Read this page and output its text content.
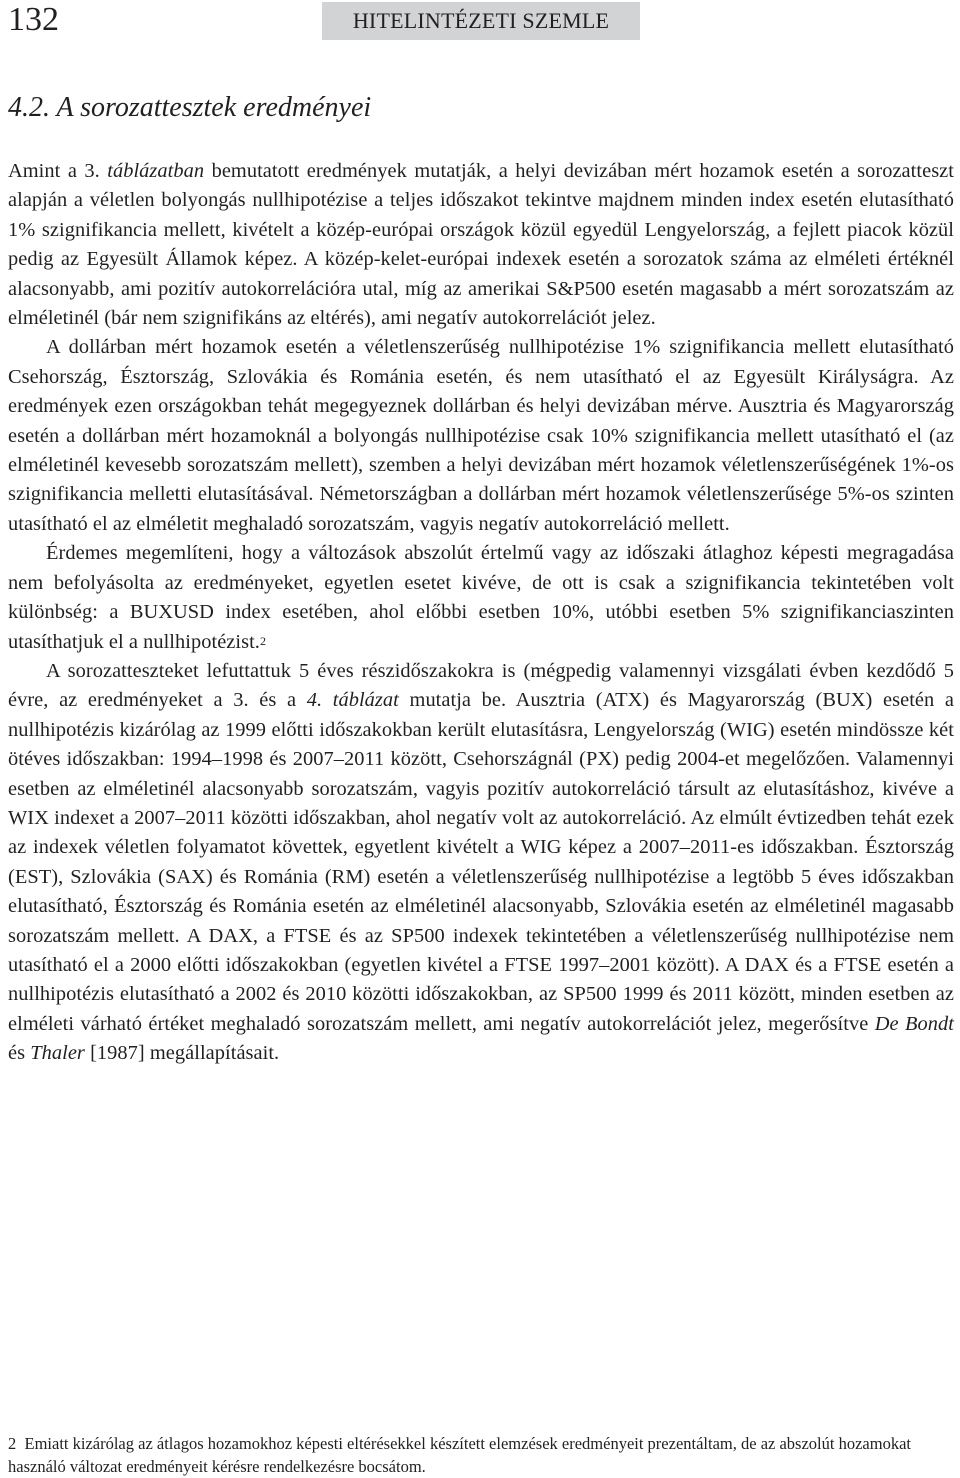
132	HITELINTÉZETI SZEMLE
4.2. A sorozattesztek eredményei

Amint a 3. táblázatban bemutatott eredmények mutatják, a helyi devizában mért hozamok esetén a sorozatteszt alapján a véletlen bolyongás nullhipotézise a teljes időszakot tekintve majdnem minden index esetén elutasítható 1% szignifikancia mellett, kivételt a közép-európai országok közül egyedül Lengyelország, a fejlett piacok közül pedig az Egyesült Államok képez. A közép-kelet-európai indexek esetén a sorozatok száma az elméleti értéknél alacsonyabb, ami pozitív autokorrelációra utal, míg az amerikai S&P500 esetén magasabb a mért sorozatszám az elméletinél (bár nem szignifikáns az eltérés), ami negatív autokorrelációt jelez.

A dollárban mért hozamok esetén a véletlenszerűség nullhipotézise 1% szignifikancia mellett elutasítható Csehország, Észtország, Szlovákia és Románia esetén, és nem utasítható el az Egyesült Királyságra. Az eredmények ezen országokban tehát megegyeznek dollárban és helyi devizában mérve. Ausztria és Magyarország esetén a dollárban mért hozamoknál a bolyongás nullhipotézise csak 10% szignifikancia mellett utasítható el (az elméletinél kevesebb sorozatszám mellett), szemben a helyi devizában mért hozamok véletlenszerűségének 1%-os szignifikancia melletti elutasításával. Németországban a dollárban mért hozamok véletlenszerűsége 5%-os szinten utasítható el az elméletit meghaladó sorozatszám, vagyis negatív autokorreláció mellett.

Érdemes megemlíteni, hogy a változások abszolút értelmű vagy az időszaki átlaghoz képesti megragadása nem befolyásolta az eredményeket, egyetlen esetet kivéve, de ott is csak a szignifikancia tekintetében volt különbség: a BUXUSD index esetében, ahol előbbi esetben 10%, utóbbi esetben 5% szignifikanciaszinten utasíthatjuk el a nullhipotézist.$^2$

A sorozatteszteket lefuttattuk 5 éves részidőszakokra is (mégpedig valamennyi vizsgálati évben kezdődő 5 évre, az eredményeket a 3. és a 4. táblázat mutatja be. Ausztria (ATX) és Magyarország (BUX) esetén a nullhipotézis kizárólag az 1999 előtti időszakokban került elutasításra, Lengyelország (WIG) esetén mindössze két ötéves időszakban: 1994–1998 és 2007–2011 között, Csehországnál (PX) pedig 2004-et megelőzően. Valamennyi esetben az elméletinél alacsonyabb sorozatszám, vagyis pozitív autokorreláció társult az elutasításhoz, kivéve a WIX indexet a 2007–2011 közötti időszakban, ahol negatív volt az autokorreláció. Az elmúlt évtizedben tehát ezek az indexek véletlen folyamatot követtek, egyetlent kivételt a WIG képez a 2007–2011-es időszakban. Észtország (EST), Szlovákia (SAX) és Románia (RM) esetén a véletlenszerűség nullhipotézise a legtöbb 5 éves időszakban elutasítható, Észtország és Románia esetén az elméletinél alacsonyabb, Szlovákia esetén az elméletinél magasabb sorozatszám mellett. A DAX, a FTSE és az SP500 indexek tekintetében a véletlenszerűség nullhipotézise nem utasítható el a 2000 előtti időszakokban (egyetlen kivétel a FTSE 1997–2001 között). A DAX és a FTSE esetén a nullhipotézis elutasítható a 2002 és 2010 közötti időszakokban, az SP500 1999 és 2011 között, minden esetben az elméleti várható értéket meghaladó sorozatszám mellett, ami negatív autokorrelációt jelez, megerősítve De Bondt és Thaler [1987] megállapításait.

2 Emiatt kizárólag az átlagos hozamokhoz képesti eltérésekkel készített elemzések eredményeit prezentáltam, de az abszolút hozamokat használó változat eredményeit kérésre rendelkezésre bocsátom.
